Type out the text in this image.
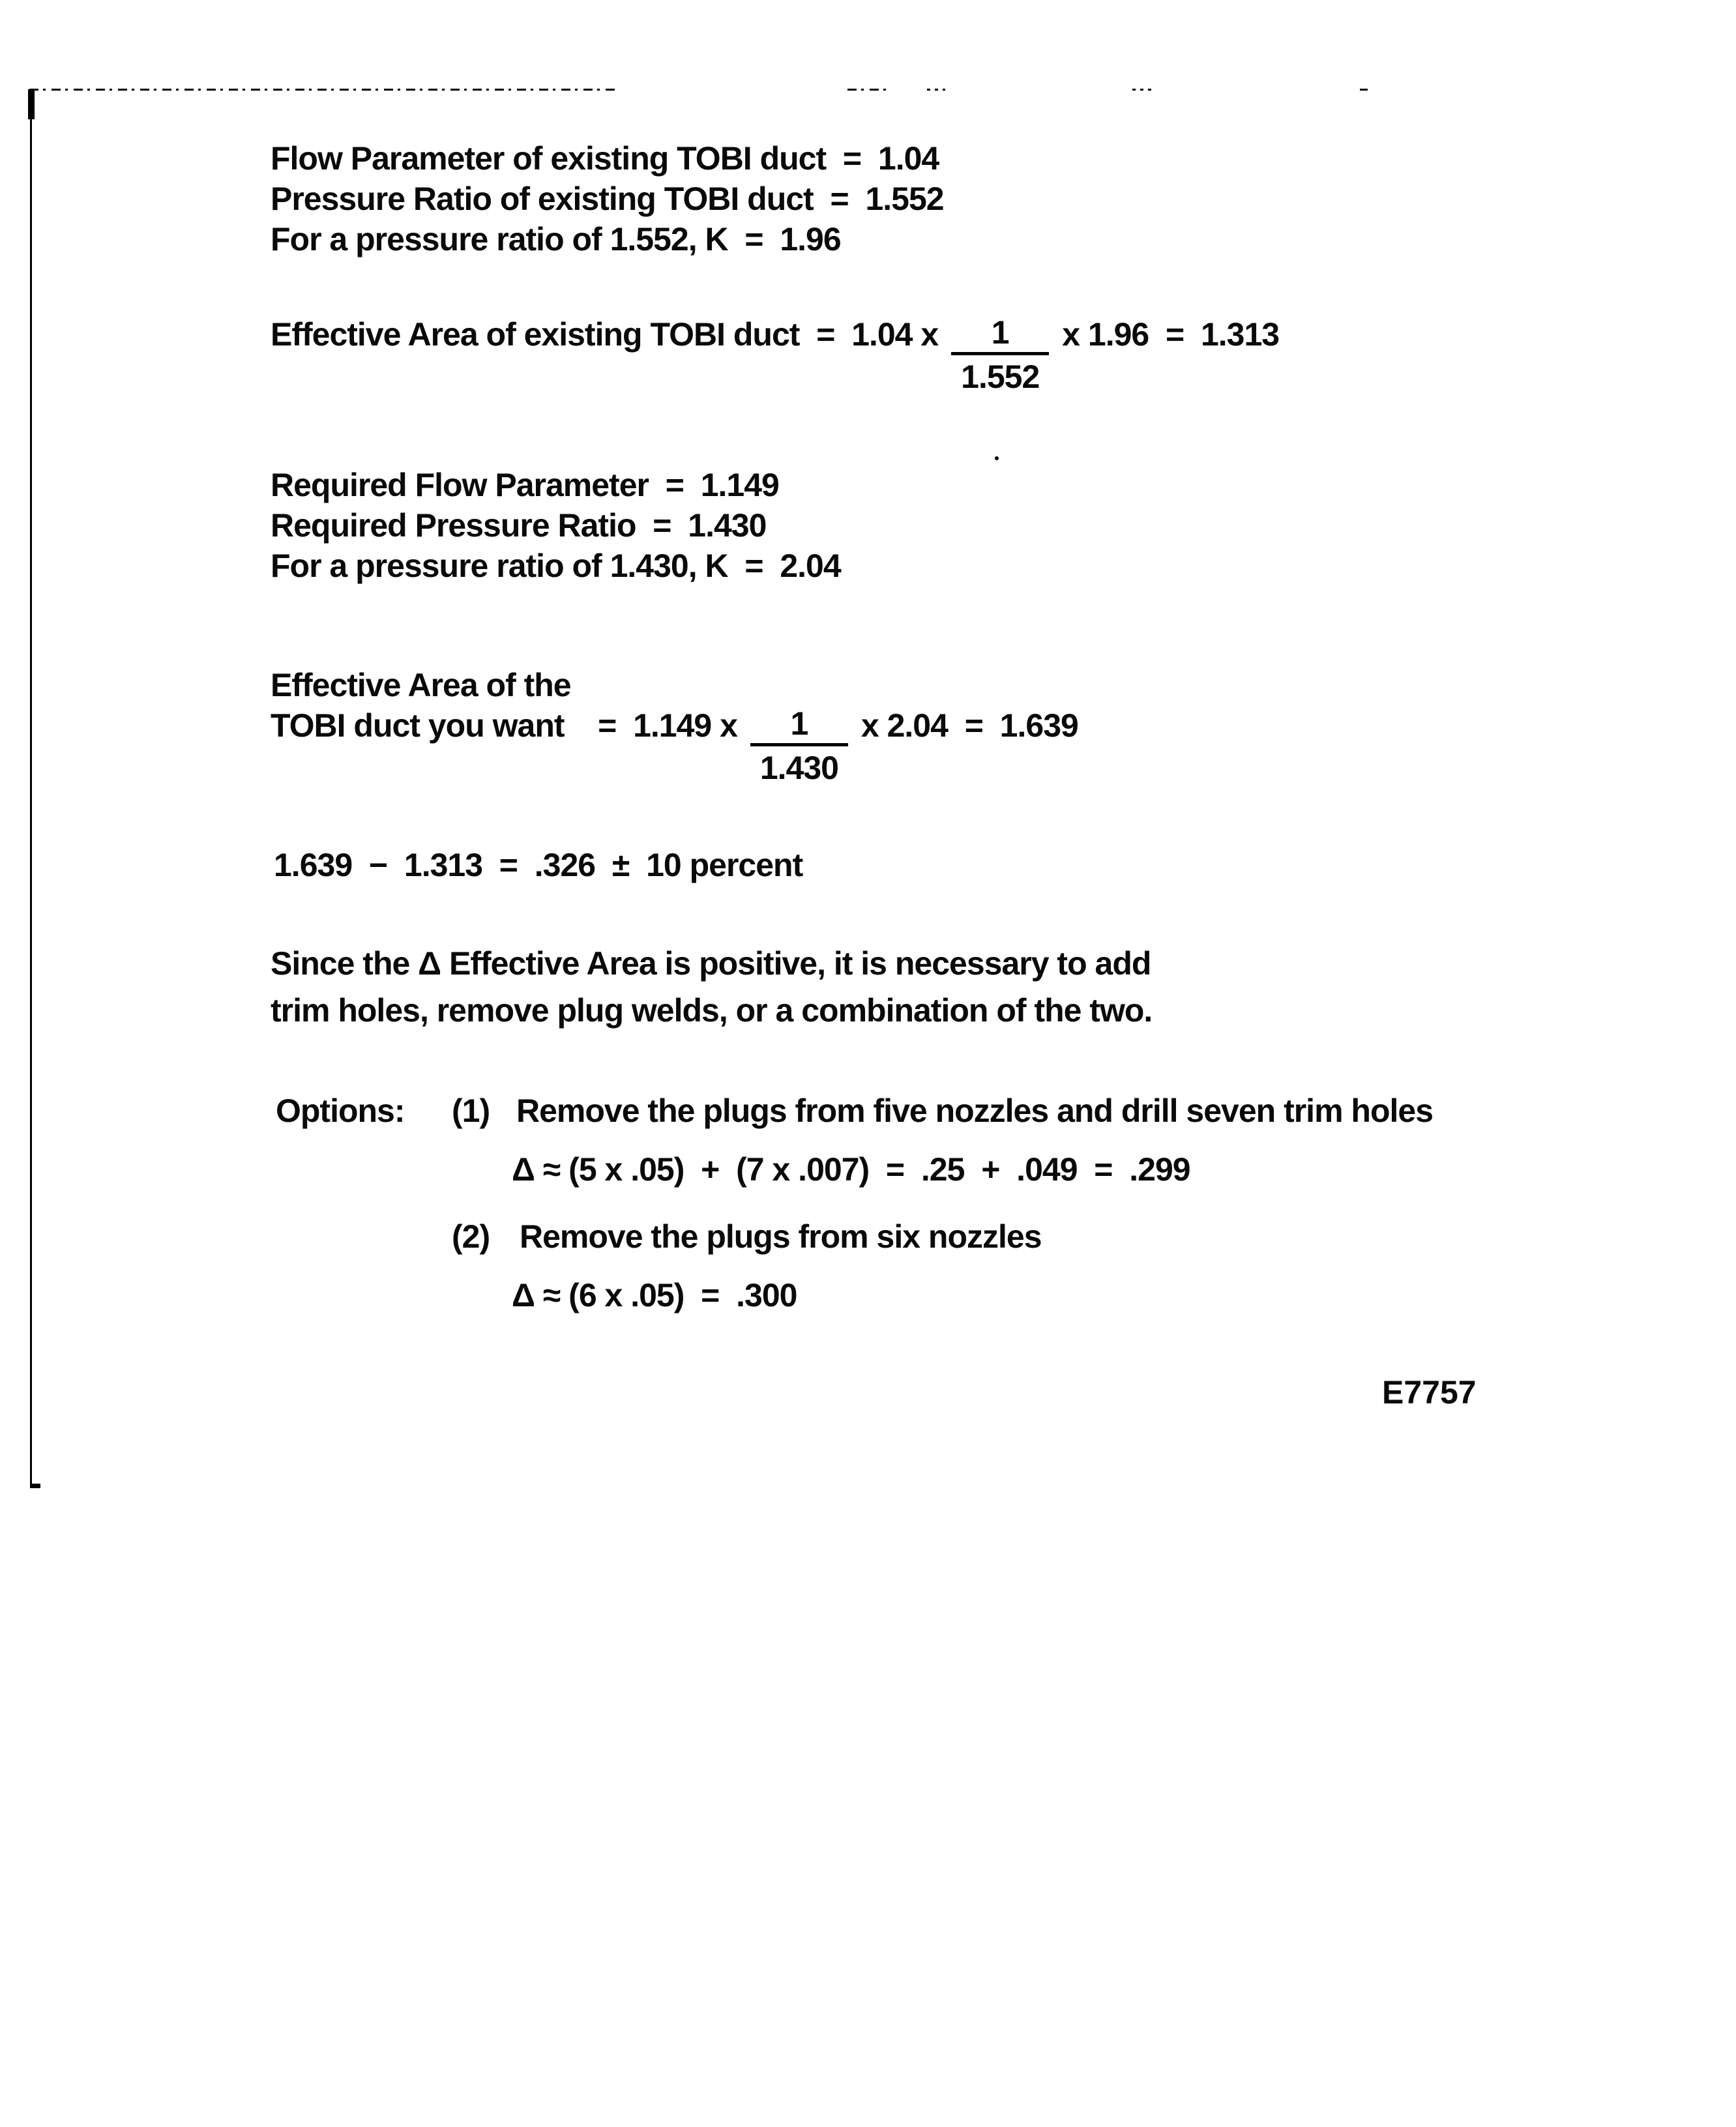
Flow Parameter of existing TOBI duct  =  1.04
Pressure Ratio of existing TOBI duct  =  1.552
For a pressure ratio of 1.552, K  =  1.96
Effective Area of existing TOBI duct  =  1.04 x $\frac{1}{1.552}$ x 1.96  =  1.313
Required Flow Parameter  =  1.149
Required Pressure Ratio  =  1.430
For a pressure ratio of 1.430, K  =  2.04
Effective Area of the
TOBI duct you want    =  1.149 x $\frac{1}{1.430}$ x 2.04  =  1.639
1.639  −  1.313  =  .326  ±  10 percent
Since the Δ Effective Area is positive, it is necessary to add
trim holes, remove plug welds, or a combination of the two.
Options: (1) Remove the plugs from five nozzles and drill seven trim holes
Δ ≈ (5 x .05)  +  (7 x .007)  =  .25  +  .049  =  .299
(2) Remove the plugs from six nozzles
Δ ≈ (6 x .05)  =  .300
E7757
